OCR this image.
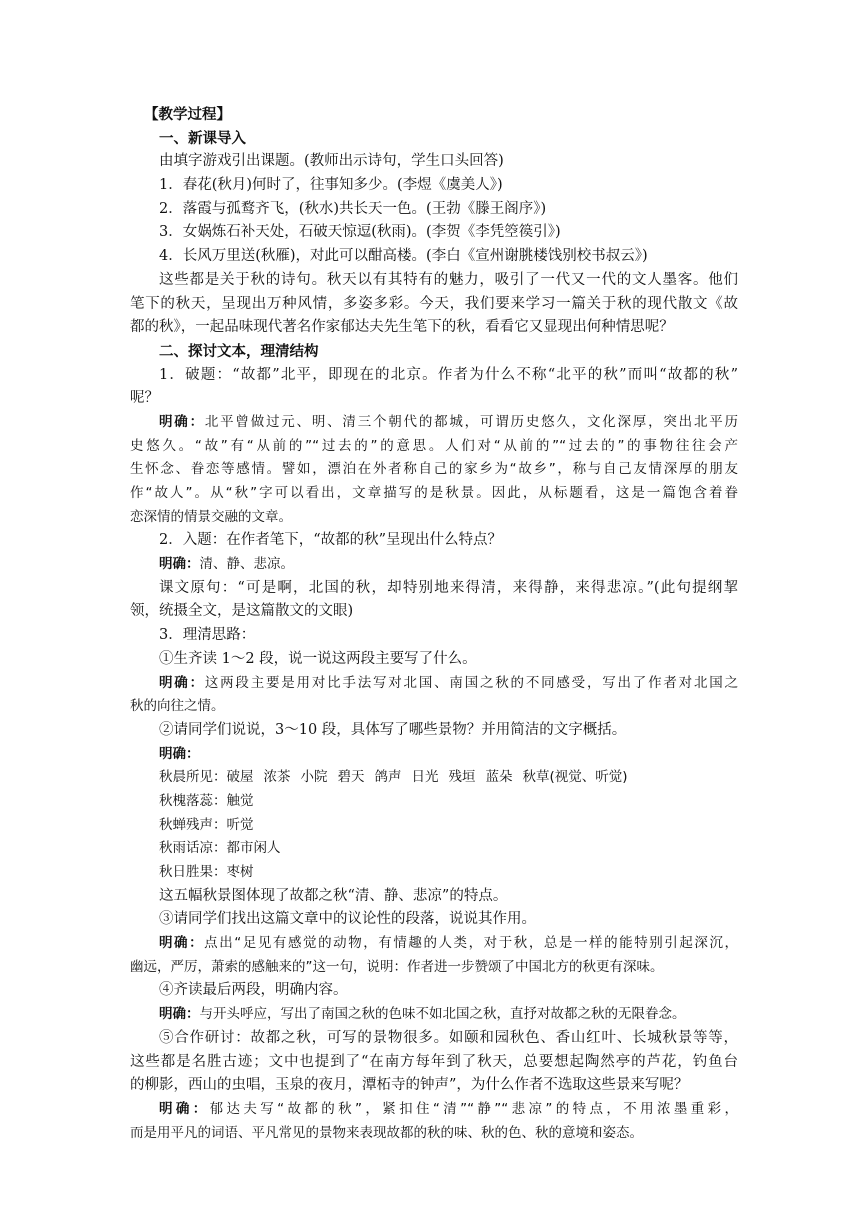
【教学过程】
一、新课导入
由填字游戏引出课题。(教师出示诗句，学生口头回答)
1．春花(秋月)何时了，往事知多少。(李煜《虞美人》)
2．落霞与孤鹜齐飞，(秋水)共长天一色。(王勃《滕王阁序》)
3．女娲炼石补天处，石破天惊逗(秋雨)。(李贺《李凭箜篌引》)
4．长风万里送(秋雁)，对此可以酣高楼。(李白《宣州谢朓楼饯别校书叔云》)
这些都是关于秋的诗句。秋天以有其特有的魅力，吸引了一代又一代的文人墨客。他们
笔下的秋天，呈现出万种风情，多姿多彩。今天，我们要来学习一篇关于秋的现代散文《故
都的秋》，一起品味现代著名作家郁达夫先生笔下的秋，看看它又显现出何种情思呢？
二、探讨文本，理清结构
1．破题：“故都”北平，即现在的北京。作者为什么不称“北平的秋”而叫“故都的秋”
呢？
明确：北平曾做过元、明、清三个朝代的都城，可谓历史悠久，文化深厚，突出北平历
史悠久。“故”有“从前的”“过去的”的意思。人们对“从前的”“过去的”的事物往往会产
生怀念、眷恋等感情。譬如，漂泊在外者称自己的家乡为“故乡”，称与自己友情深厚的朋友
作“故人”。从“秋”字可以看出，文章描写的是秋景。因此，从标题看，这是一篇饱含着眷
恋深情的情景交融的文章。
2．入题：在作者笔下，“故都的秋”呈现出什么特点？
明确：清、静、悲凉。
课文原句：“可是啊，北国的秋，却特别地来得清，来得静，来得悲凉。”(此句提纲挈
领，统摄全文，是这篇散文的文眼)
3．理清思路：
①生齐读 1～2 段，说一说这两段主要写了什么。
明确：这两段主要是用对比手法写对北国、南国之秋的不同感受，写出了作者对北国之
秋的向往之情。
②请同学们说说，3～10 段，具体写了哪些景物？并用简洁的文字概括。
明确：
秋晨所见：破屋 浓茶 小院 碧天 鸽声 日光 残垣 蓝朵 秋草(视觉、听觉)
秋槐落蕊：触觉
秋蝉残声：听觉
秋雨话凉：都市闲人
秋日胜果：枣树
这五幅秋景图体现了故都之秋“清、静、悲凉”的特点。
③请同学们找出这篇文章中的议论性的段落，说说其作用。
明确：点出“足见有感觉的动物，有情趣的人类，对于秋，总是一样的能特别引起深沉，
幽远，严厉，萧索的感触来的”这一句，说明：作者进一步赞颂了中国北方的秋更有深味。
④齐读最后两段，明确内容。
明确：与开头呼应，写出了南国之秋的色味不如北国之秋，直抒对故都之秋的无限眷念。
⑤合作研讨：故都之秋，可写的景物很多。如颐和园秋色、香山红叶、长城秋景等等，
这些都是名胜古迹；文中也提到了“在南方每年到了秋天，总要想起陶然亭的芦花，钓鱼台
的柳影，西山的虫唱，玉泉的夜月，潭柘寺的钟声”，为什么作者不选取这些景来写呢？
明确：郁达夫写“故都的秋”，紧扣住“清”“静”“悲凉”的特点，不用浓墨重彩，
而是用平凡的词语、平凡常见的景物来表现故都的秋的味、秋的色、秋的意境和姿态。
